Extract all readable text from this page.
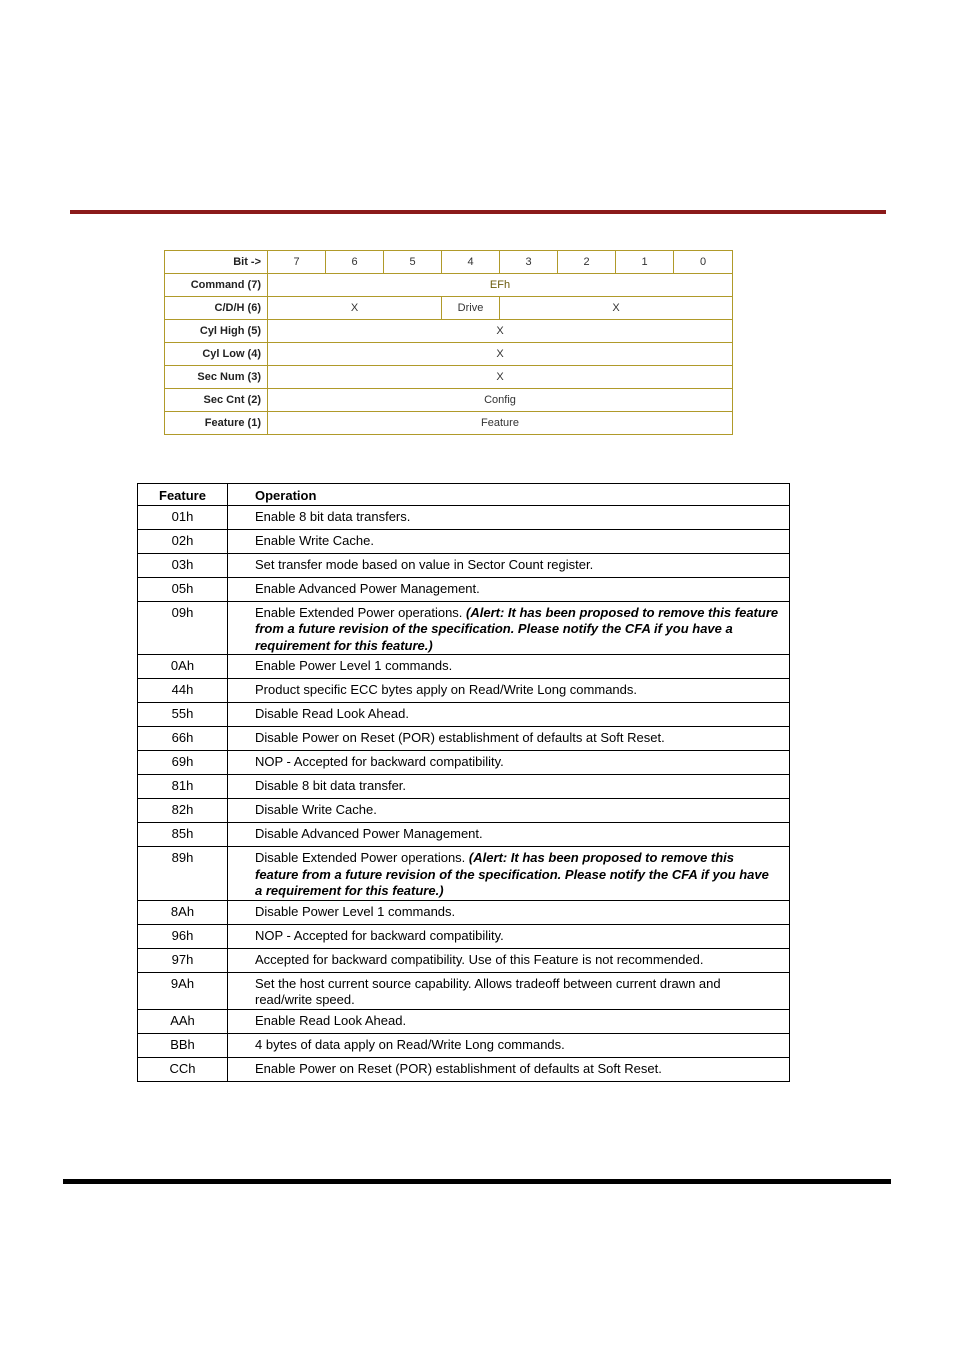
Bit ->	7	6	5	4	3	2	1	0
Command (7)	EFh							
C/D/H (6)	X			Drive	X			
Cyl High (5)	X							
Cyl Low (4)	X							
Sec Num (3)	X							
Sec Cnt (2)	Config							
Feature (1)	Feature							
Feature	Operation
01h	Enable 8 bit data transfers.
02h	Enable Write Cache.
03h	Set transfer mode based on value in Sector Count register.
05h	Enable Advanced Power Management.
09h	Enable Extended Power operations. (Alert: It has been proposed to remove this feature from a future revision of the specification. Please notify the CFA if you have a requirement for this feature.)
0Ah	Enable Power Level 1 commands.
44h	Product specific ECC bytes apply on Read/Write Long commands.
55h	Disable Read Look Ahead.
66h	Disable Power on Reset (POR) establishment of defaults at Soft Reset.
69h	NOP - Accepted for backward compatibility.
81h	Disable 8 bit data transfer.
82h	Disable Write Cache.
85h	Disable Advanced Power Management.
89h	Disable Extended Power operations. (Alert: It has been proposed to remove this feature from a future revision of the specification. Please notify the CFA if you have a requirement for this feature.)
8Ah	Disable Power Level 1 commands.
96h	NOP - Accepted for backward compatibility.
97h	Accepted for backward compatibility. Use of this Feature is not recommended.
9Ah	Set the host current source capability. Allows tradeoff between current drawn and read/write speed.
AAh	Enable Read Look Ahead.
BBh	4 bytes of data apply on Read/Write Long commands.
CCh	Enable Power on Reset (POR) establishment of defaults at Soft Reset.
